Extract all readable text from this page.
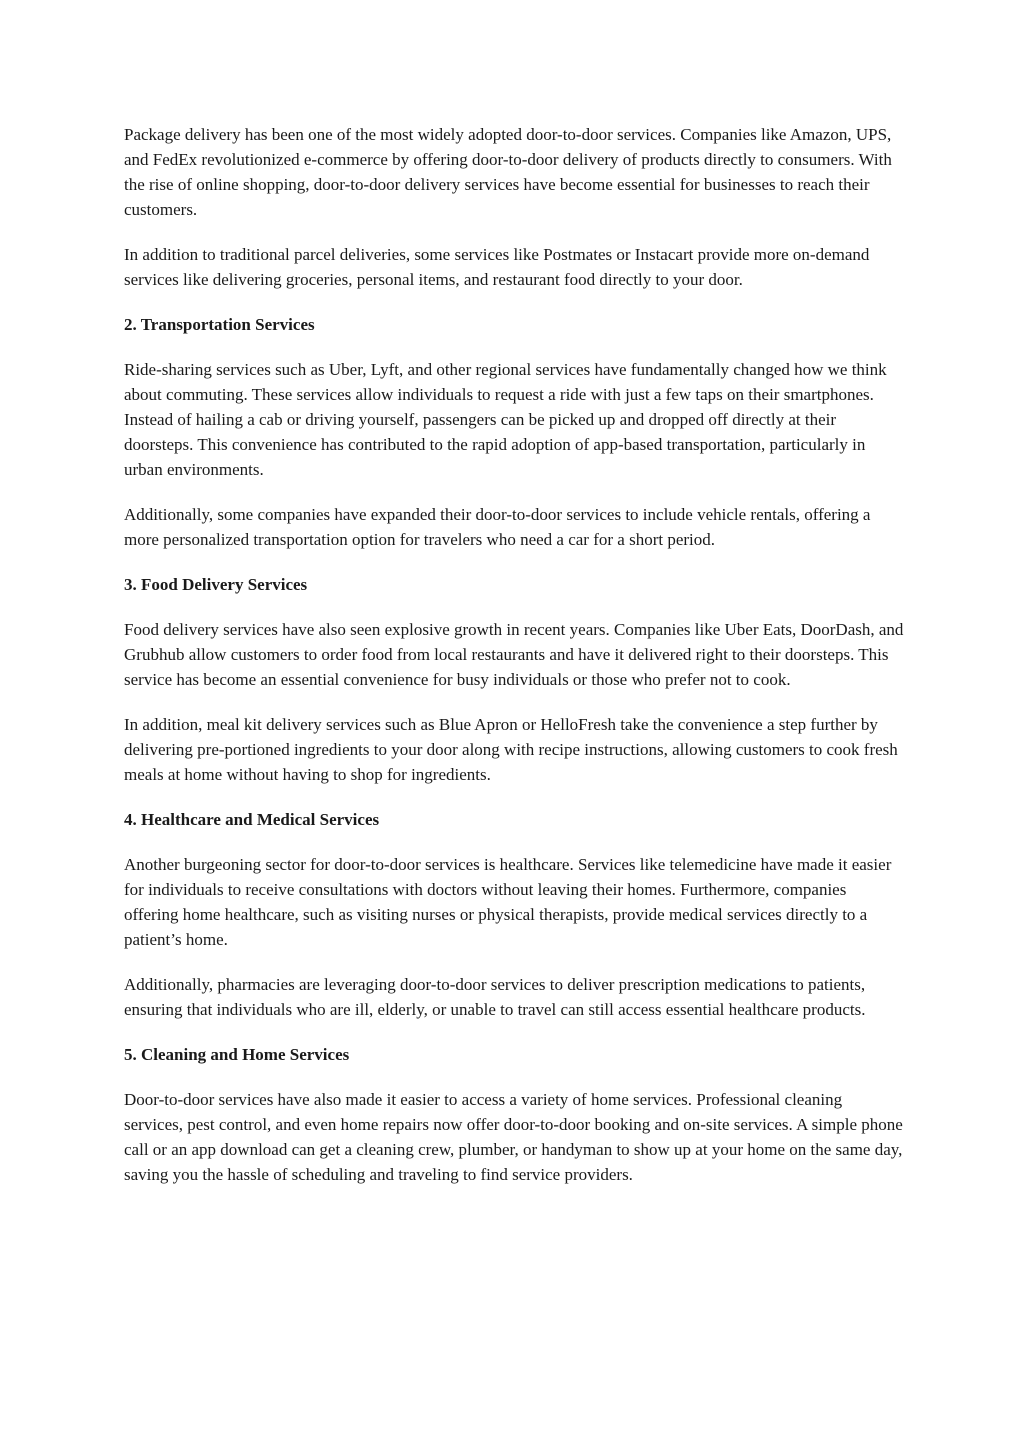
Package delivery has been one of the most widely adopted door-to-door services. Companies like Amazon, UPS, and FedEx revolutionized e-commerce by offering door-to-door delivery of products directly to consumers. With the rise of online shopping, door-to-door delivery services have become essential for businesses to reach their customers.

In addition to traditional parcel deliveries, some services like Postmates or Instacart provide more on-demand services like delivering groceries, personal items, and restaurant food directly to your door.

2. Transportation Services

Ride-sharing services such as Uber, Lyft, and other regional services have fundamentally changed how we think about commuting. These services allow individuals to request a ride with just a few taps on their smartphones. Instead of hailing a cab or driving yourself, passengers can be picked up and dropped off directly at their doorsteps. This convenience has contributed to the rapid adoption of app-based transportation, particularly in urban environments.

Additionally, some companies have expanded their door-to-door services to include vehicle rentals, offering a more personalized transportation option for travelers who need a car for a short period.

3. Food Delivery Services

Food delivery services have also seen explosive growth in recent years. Companies like Uber Eats, DoorDash, and Grubhub allow customers to order food from local restaurants and have it delivered right to their doorsteps. This service has become an essential convenience for busy individuals or those who prefer not to cook.

In addition, meal kit delivery services such as Blue Apron or HelloFresh take the convenience a step further by delivering pre-portioned ingredients to your door along with recipe instructions, allowing customers to cook fresh meals at home without having to shop for ingredients.

4. Healthcare and Medical Services

Another burgeoning sector for door-to-door services is healthcare. Services like telemedicine have made it easier for individuals to receive consultations with doctors without leaving their homes. Furthermore, companies offering home healthcare, such as visiting nurses or physical therapists, provide medical services directly to a patient’s home.

Additionally, pharmacies are leveraging door-to-door services to deliver prescription medications to patients, ensuring that individuals who are ill, elderly, or unable to travel can still access essential healthcare products.

5. Cleaning and Home Services

Door-to-door services have also made it easier to access a variety of home services. Professional cleaning services, pest control, and even home repairs now offer door-to-door booking and on-site services. A simple phone call or an app download can get a cleaning crew, plumber, or handyman to show up at your home on the same day, saving you the hassle of scheduling and traveling to find service providers.
